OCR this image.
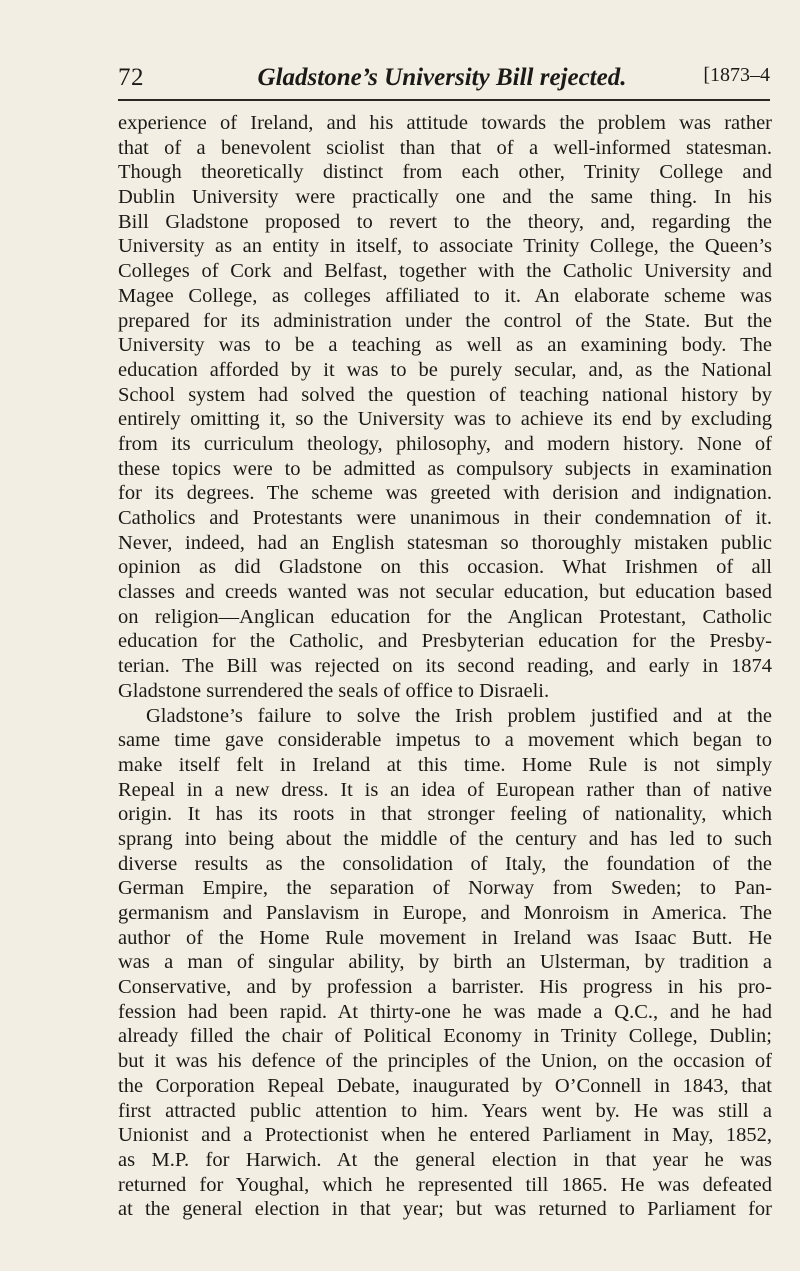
72	Gladstone’s University Bill rejected.	[1873–4
experience of Ireland, and his attitude towards the problem was rather
that of a benevolent sciolist than that of a well-informed statesman.
Though theoretically distinct from each other, Trinity College and
Dublin University were practically one and the same thing. In his
Bill Gladstone proposed to revert to the theory, and, regarding the
University as an entity in itself, to associate Trinity College, the Queen’s
Colleges of Cork and Belfast, together with the Catholic University and
Magee College, as colleges affiliated to it. An elaborate scheme was
prepared for its administration under the control of the State. But the
University was to be a teaching as well as an examining body. The
education afforded by it was to be purely secular, and, as the National
School system had solved the question of teaching national history by
entirely omitting it, so the University was to achieve its end by excluding
from its curriculum theology, philosophy, and modern history. None of
these topics were to be admitted as compulsory subjects in examination
for its degrees. The scheme was greeted with derision and indignation.
Catholics and Protestants were unanimous in their condemnation of it.
Never, indeed, had an English statesman so thoroughly mistaken public
opinion as did Gladstone on this occasion. What Irishmen of all
classes and creeds wanted was not secular education, but education based
on religion—Anglican education for the Anglican Protestant, Catholic
education for the Catholic, and Presbyterian education for the Presby-
terian. The Bill was rejected on its second reading, and early in 1874
Gladstone surrendered the seals of office to Disraeli.
Gladstone’s failure to solve the Irish problem justified and at the
same time gave considerable impetus to a movement which began to
make itself felt in Ireland at this time. Home Rule is not simply
Repeal in a new dress. It is an idea of European rather than of native
origin. It has its roots in that stronger feeling of nationality, which
sprang into being about the middle of the century and has led to such
diverse results as the consolidation of Italy, the foundation of the
German Empire, the separation of Norway from Sweden; to Pan-
germanism and Panslavism in Europe, and Monroism in America. The
author of the Home Rule movement in Ireland was Isaac Butt. He
was a man of singular ability, by birth an Ulsterman, by tradition a
Conservative, and by profession a barrister. His progress in his pro-
fession had been rapid. At thirty-one he was made a Q.C., and he had
already filled the chair of Political Economy in Trinity College, Dublin;
but it was his defence of the principles of the Union, on the occasion of
the Corporation Repeal Debate, inaugurated by O’Connell in 1843, that
first attracted public attention to him. Years went by. He was still a
Unionist and a Protectionist when he entered Parliament in May, 1852,
as M.P. for Harwich. At the general election in that year he was
returned for Youghal, which he represented till 1865. He was defeated
at the general election in that year; but was returned to Parliament for
